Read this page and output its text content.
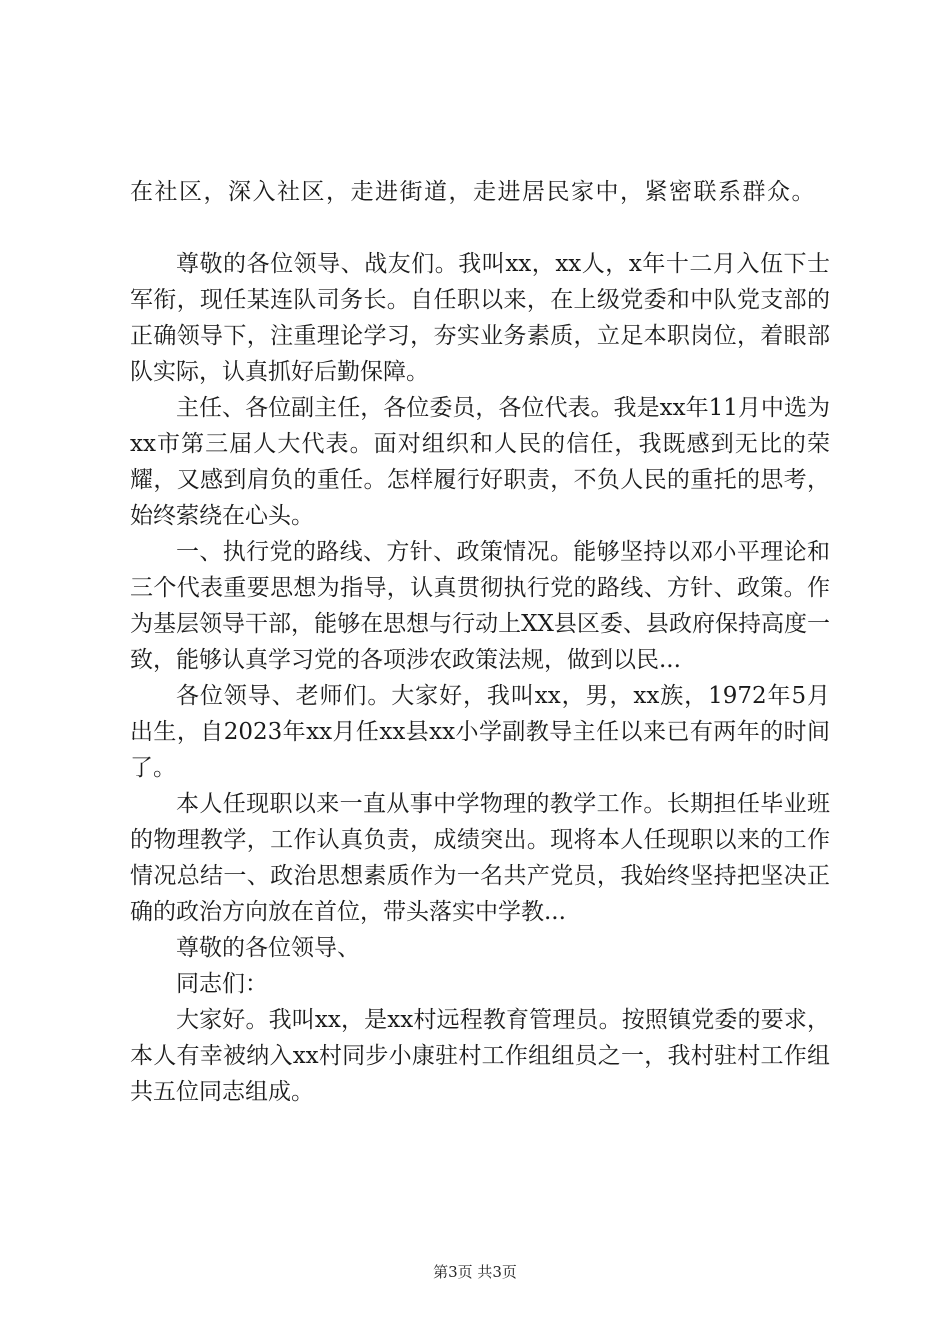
在社区，深入社区，走进街道，走进居民家中，紧密联系群众。

尊敬的各位领导、战友们。我叫xx，xx人，x年十二月入伍下士军衔，现任某连队司务长。自任职以来，在上级党委和中队党支部的正确领导下，注重理论学习，夯实业务素质，立足本职岗位，着眼部队实际，认真抓好后勤保障。

主任、各位副主任，各位委员，各位代表。我是xx年11月中选为xx市第三届人大代表。面对组织和人民的信任，我既感到无比的荣耀，又感到肩负的重任。怎样履行好职责，不负人民的重托的思考，始终萦绕在心头。

一、执行党的路线、方针、政策情况。能够坚持以邓小平理论和三个代表重要思想为指导，认真贯彻执行党的路线、方针、政策。作为基层领导干部，能够在思想与行动上XX县区委、县政府保持高度一致，能够认真学习党的各项涉农政策法规，做到以民...

各位领导、老师们。大家好，我叫xx，男，xx族，1972年5月出生，自2023年xx月任xx县xx小学副教导主任以来已有两年的时间了。

本人任现职以来一直从事中学物理的教学工作。长期担任毕业班的物理教学，工作认真负责，成绩突出。现将本人任现职以来的工作情况总结一、政治思想素质作为一名共产党员，我始终坚持把坚决正确的政治方向放在首位，带头落实中学教...

尊敬的各位领导、

同志们：

大家好。我叫xx，是xx村远程教育管理员。按照镇党委的要求，本人有幸被纳入xx村同步小康驻村工作组组员之一，我村驻村工作组共五位同志组成。

第3页 共3页
